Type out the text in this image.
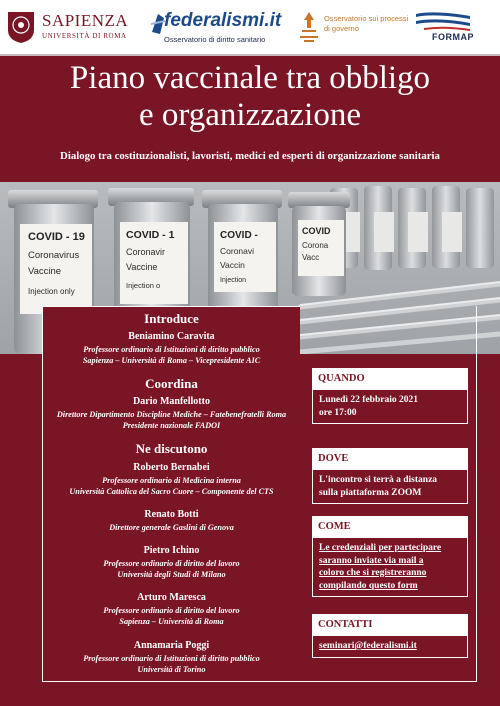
SAPIENZA
UNIVERSITÀ DI ROMA
federalismi.it
Osservatorio di diritto sanitario
Osservatorio sui processi di governo
FORMAP
Piano vaccinale tra obbligo
e organizzazione
Dialogo tra costituzionalisti, lavoristi, medici ed esperti di organizzazione sanitaria
COVID - 19
Coronavirus
Vaccine
Injection only
COVID - 1
Coronavir
Vaccine
Injection o
COVID -
Coronavi
Vaccin
Injection
COVID
Corona
Vacc
Introduce
Beniamino Caravita
Professore ordinario di Istituzioni di diritto pubblico
Sapienza – Università di Roma – Vicepresidente AIC
Coordina
Dario Manfellotto
Direttore Dipartimento Discipline Mediche – Fatebenefratelli Roma
Presidente nazionale FADOI
Ne discutono
Roberto Bernabei
Professore ordinario di Medicina interna
Università Cattolica del Sacro Cuore – Componente del CTS
Renato Botti
Direttore generale Gaslini di Genova
Pietro Ichino
Professore ordinario di diritto del lavoro
Università degli Studi di Milano
Arturo Maresca
Professore ordinario di diritto del lavoro
Sapienza – Università di Roma
Annamaria Poggi
Professore ordinario di Istituzioni di diritto pubblico
Università di Torino
QUANDO
Lunedì 22 febbraio 2021
ore 17:00
DOVE
L'incontro si terrà a distanza
sulla piattaforma ZOOM
COME
Le credenziali per partecipare
saranno inviate via mail a
coloro che si registreranno
compilando questo form
CONTATTI
seminari@federalismi.it
